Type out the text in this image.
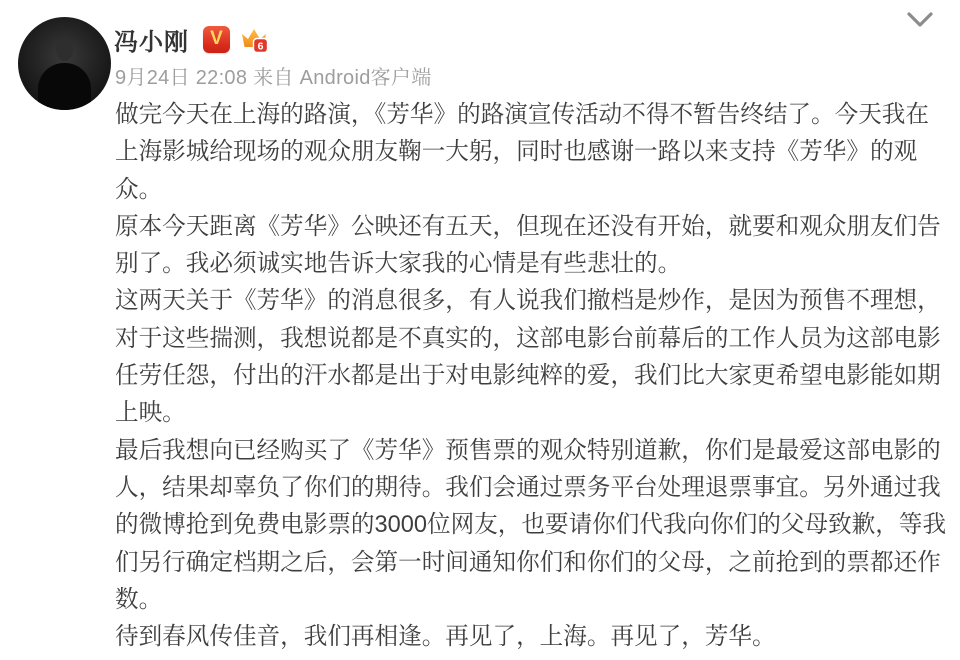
冯小刚 V	6
9月24日 22:08 来自 Android客户端
做完今天在上海的路演，《芳华》的路演宣传活动不得不暂告终结了。今天我在
上海影城给现场的观众朋友鞠一大躬，同时也感谢一路以来支持《芳华》的观
众。
原本今天距离《芳华》公映还有五天，但现在还没有开始，就要和观众朋友们告
别了。我必须诚实地告诉大家我的心情是有些悲壮的。
这两天关于《芳华》的消息很多，有人说我们撤档是炒作，是因为预售不理想，
对于这些揣测，我想说都是不真实的，这部电影台前幕后的工作人员为这部电影
任劳任怨，付出的汗水都是出于对电影纯粹的爱，我们比大家更希望电影能如期
上映。
最后我想向已经购买了《芳华》预售票的观众特别道歉，你们是最爱这部电影的
人，结果却辜负了你们的期待。我们会通过票务平台处理退票事宜。另外通过我
的微博抢到免费电影票的3000位网友，也要请你们代我向你们的父母致歉，等我
们另行确定档期之后，会第一时间通知你们和你们的父母，之前抢到的票都还作
数。
待到春风传佳音，我们再相逢。再见了，上海。再见了，芳华。
